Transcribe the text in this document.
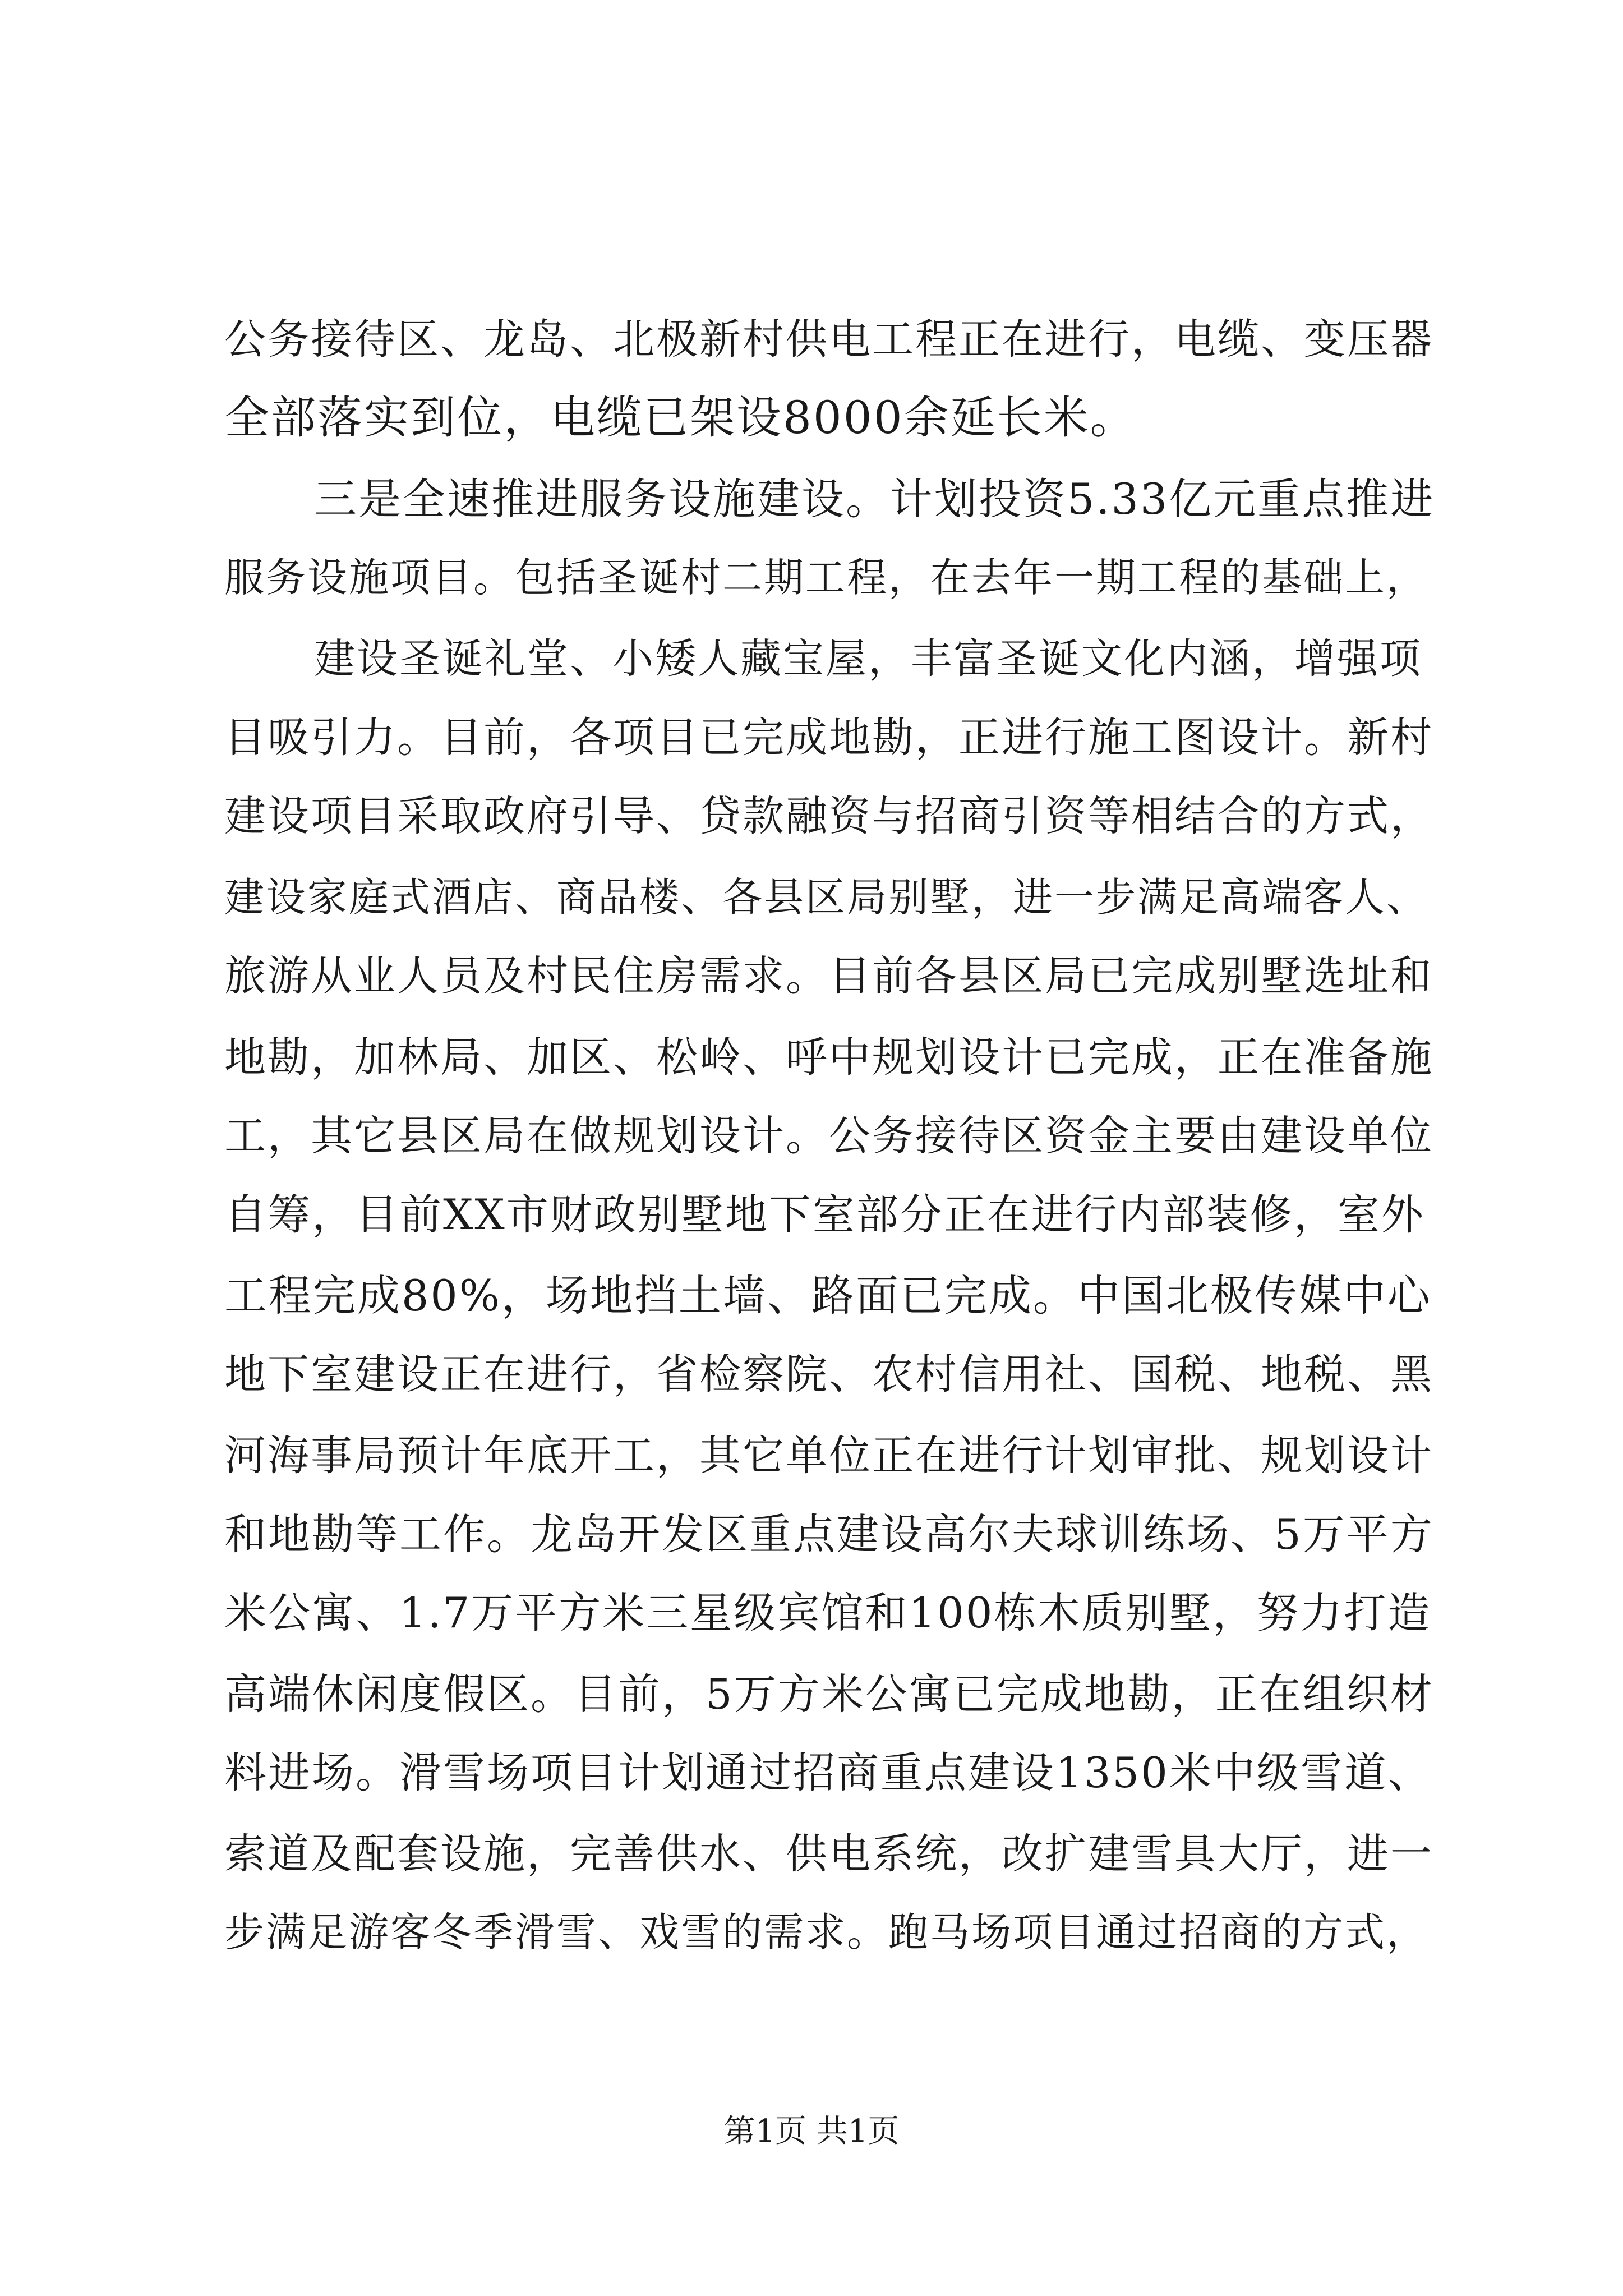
公务接待区、龙岛、北极新村供电工程正在进行，电缆、变压器
全部落实到位，电缆已架设8000余延长米。
三是全速推进服务设施建设。计划投资5.33亿元重点推进
服务设施项目。包括圣诞村二期工程，在去年一期工程的基础上，
建设圣诞礼堂、小矮人藏宝屋，丰富圣诞文化内涵，增强项
目吸引力。目前，各项目已完成地勘，正进行施工图设计。新村
建设项目采取政府引导、贷款融资与招商引资等相结合的方式，
建设家庭式酒店、商品楼、各县区局别墅，进一步满足高端客人、
旅游从业人员及村民住房需求。目前各县区局已完成别墅选址和
地勘，加林局、加区、松岭、呼中规划设计已完成，正在准备施
工，其它县区局在做规划设计。公务接待区资金主要由建设单位
自筹，目前XX市财政别墅地下室部分正在进行内部装修，室外
工程完成80%，场地挡土墙、路面已完成。中国北极传媒中心
地下室建设正在进行，省检察院、农村信用社、国税、地税、黑
河海事局预计年底开工，其它单位正在进行计划审批、规划设计
和地勘等工作。龙岛开发区重点建设高尔夫球训练场、5万平方
米公寓、1.7万平方米三星级宾馆和100栋木质别墅，努力打造
高端休闲度假区。目前，5万方米公寓已完成地勘，正在组织材
料进场。滑雪场项目计划通过招商重点建设1350米中级雪道、
索道及配套设施，完善供水、供电系统，改扩建雪具大厅，进一
步满足游客冬季滑雪、戏雪的需求。跑马场项目通过招商的方式，
第1页 共1页
